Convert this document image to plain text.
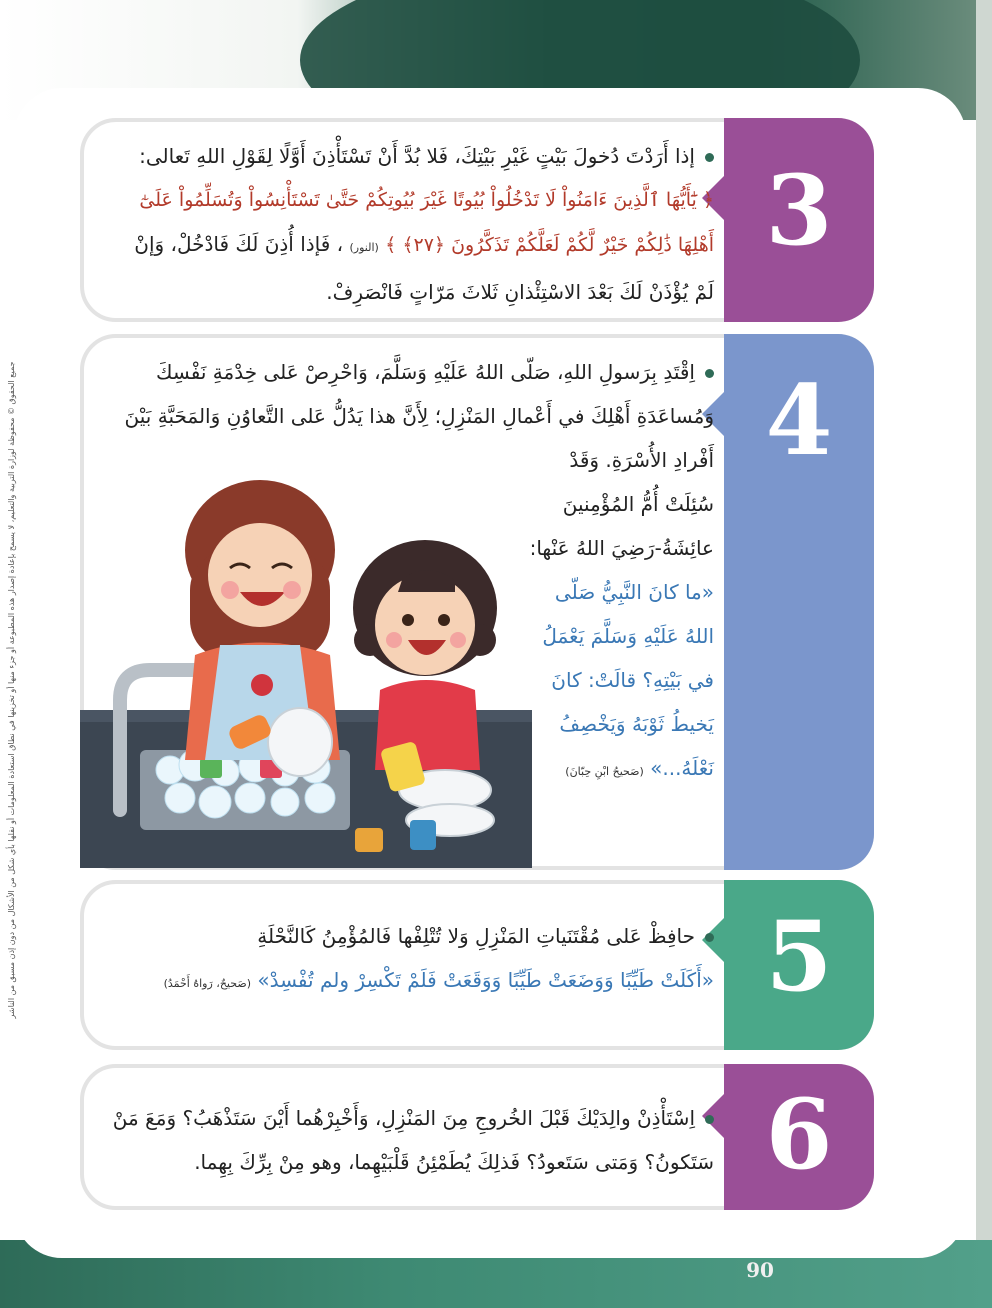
جميع الحقوق © محفوظة لوزارة التربية والتعليم، لا يسمح بإعادة إصدار هذه المطبوعة أو جزء منها أو تخزينها في نطاق استعادة المعلومات أو نقلها بأي شكل من الأشكال من دون إذن مسبق من الناشر
3
إذا أَرَدْتَ دُخولَ بَيْتٍ غَيْرِ بَيْتِكَ، فَلا بُدَّ أَنْ تَسْتَأْذِنَ أَوَّلًا لِقَوْلِ اللهِ تَعالى:
﴿ يَٰٓأَيُّهَا ٱلَّذِينَ ءَامَنُواْ لَا تَدْخُلُواْ بُيُوتًا غَيْرَ بُيُوتِكُمْ حَتَّىٰ تَسْتَأْنِسُواْ وَتُسَلِّمُواْ عَلَىٰٓ
أَهْلِهَا ذَٰلِكُمْ خَيْرٌ لَّكُمْ لَعَلَّكُمْ تَذَكَّرُونَ ﴿٢٧﴾ ﴾ (النور) ، فَإذا أُذِنَ لَكَ فَادْخُلْ، وَإنْ
لَمْ يُؤْذَنْ لَكَ بَعْدَ الاسْتِئْذانِ ثَلاثَ مَرّاتٍ فَانْصَرِفْ.
4
اِقْتَدِ بِرَسولِ اللهِ، صَلّى اللهُ عَلَيْهِ وَسَلَّمَ، وَاحْرِصْ عَلى خِدْمَةِ نَفْسِكَ
وَمُساعَدَةِ أَهْلِكَ في أَعْمالِ المَنْزِلِ؛ لِأَنَّ هذا يَدُلُّ عَلى التَّعاوُنِ وَالمَحَبَّةِ بَيْنَ
أَفْرادِ الأُسْرَةِ. وَقَدْ
سُئِلَتْ أُمُّ المُؤْمِنينَ
عائِشَةُ-رَضِيَ اللهُ عَنْها:
«ما كانَ النَّبِيُّ صَلّى
اللهُ عَلَيْهِ وَسَلَّمَ يَعْمَلُ
في بَيْتِهِ؟ قالَتْ: كانَ
يَخيطُ ثَوْبَهُ وَيَخْصِفُ
نَعْلَهُ...» (صَحيحُ ابْنِ حِبّانَ)
5
حافِظْ عَلى مُقْتَنَياتِ المَنْزِلِ وَلا تُتْلِفْها فَالمُؤْمِنُ كَالنَّحْلَةِ
«أَكَلَتْ طَيِّبًا وَوَضَعَتْ طَيِّبًا وَوَقَعَتْ فَلَمْ تَكْسِرْ ولم تُفْسِدْ» (صَحيحٌ، رَواهُ أَحْمَدُ)
6
اِسْتَأْذِنْ والِدَيْكَ قَبْلَ الخُروجِ مِنَ المَنْزِلِ، وَأَخْبِرْهُما أَيْنَ سَتَذْهَبُ؟ وَمَعَ مَنْ
سَتَكونُ؟ وَمَتى سَتَعودُ؟ فَذلِكَ يُطَمْئِنُ قَلْبَيْهِما، وهو مِنْ بِرِّكَ بِهِما.
90
